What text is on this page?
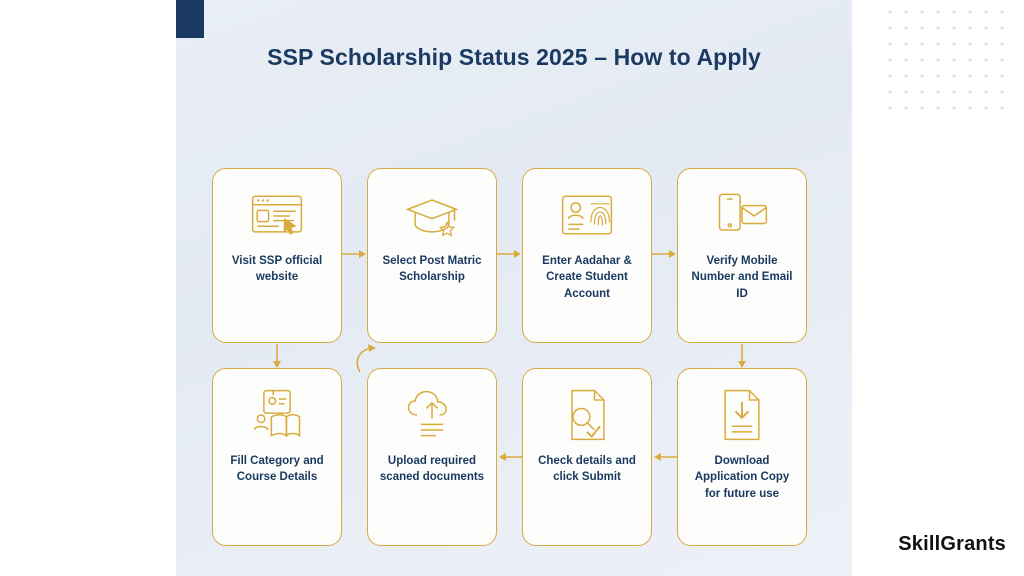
SSP Scholarship Status 2025 – How to Apply
Visit SSP official website
Select Post Matric Scholarship
Enter Aadahar & Create Student Account
Verify Mobile Number and Email ID
Fill Category and Course Details
Upload required scaned documents
Check details and click Submit
Download Application Copy for future use
SkillGrants
